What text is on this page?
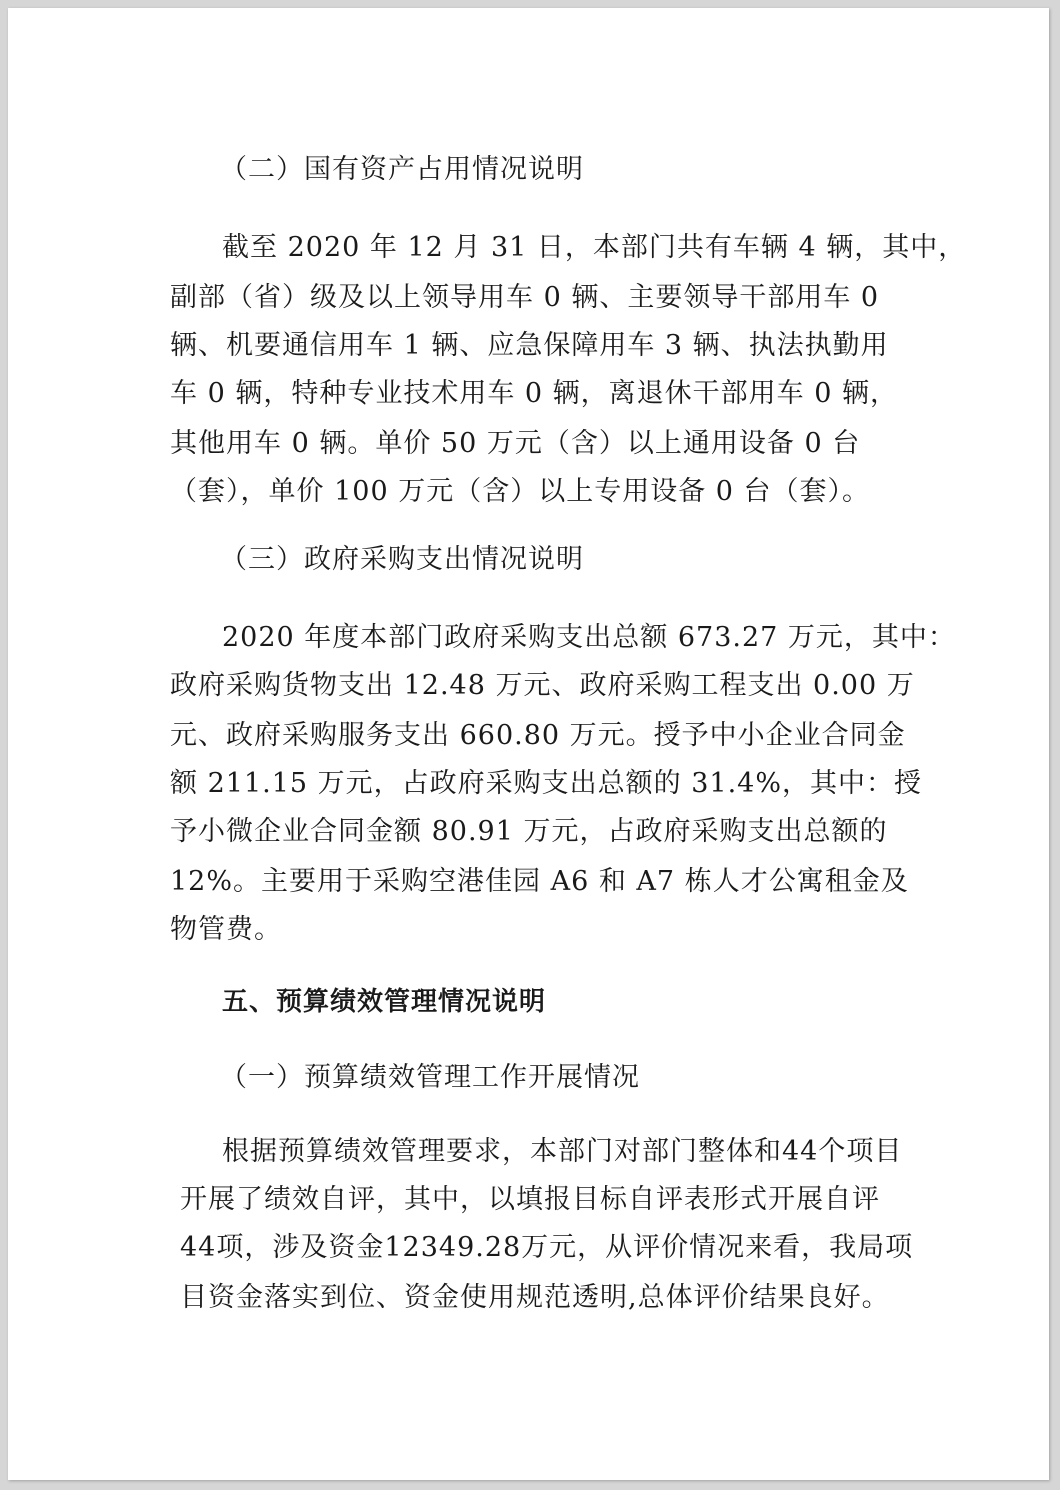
（二）国有资产占用情况说明
截至 2020 年 12 月 31 日，本部门共有车辆 4 辆，其中，
副部（省）级及以上领导用车 0 辆、主要领导干部用车 0
辆、机要通信用车 1 辆、应急保障用车 3 辆、执法执勤用
车 0 辆，特种专业技术用车 0 辆，离退休干部用车 0 辆，
其他用车 0 辆。单价 50 万元（含）以上通用设备 0 台
（套），单价 100 万元（含）以上专用设备 0 台（套）。
（三）政府采购支出情况说明
2020 年度本部门政府采购支出总额 673.27 万元，其中：
政府采购货物支出 12.48 万元、政府采购工程支出 0.00 万
元、政府采购服务支出 660.80 万元。授予中小企业合同金
额 211.15 万元，占政府采购支出总额的 31.4%，其中：授
予小微企业合同金额 80.91 万元，占政府采购支出总额的
12%。主要用于采购空港佳园 A6 和 A7 栋人才公寓租金及
物管费。
五、预算绩效管理情况说明
（一）预算绩效管理工作开展情况
根据预算绩效管理要求，本部门对部门整体和44个项目
开展了绩效自评，其中，以填报目标自评表形式开展自评
44项，涉及资金12349.28万元，从评价情况来看，我局项
目资金落实到位、资金使用规范透明,总体评价结果良好。
